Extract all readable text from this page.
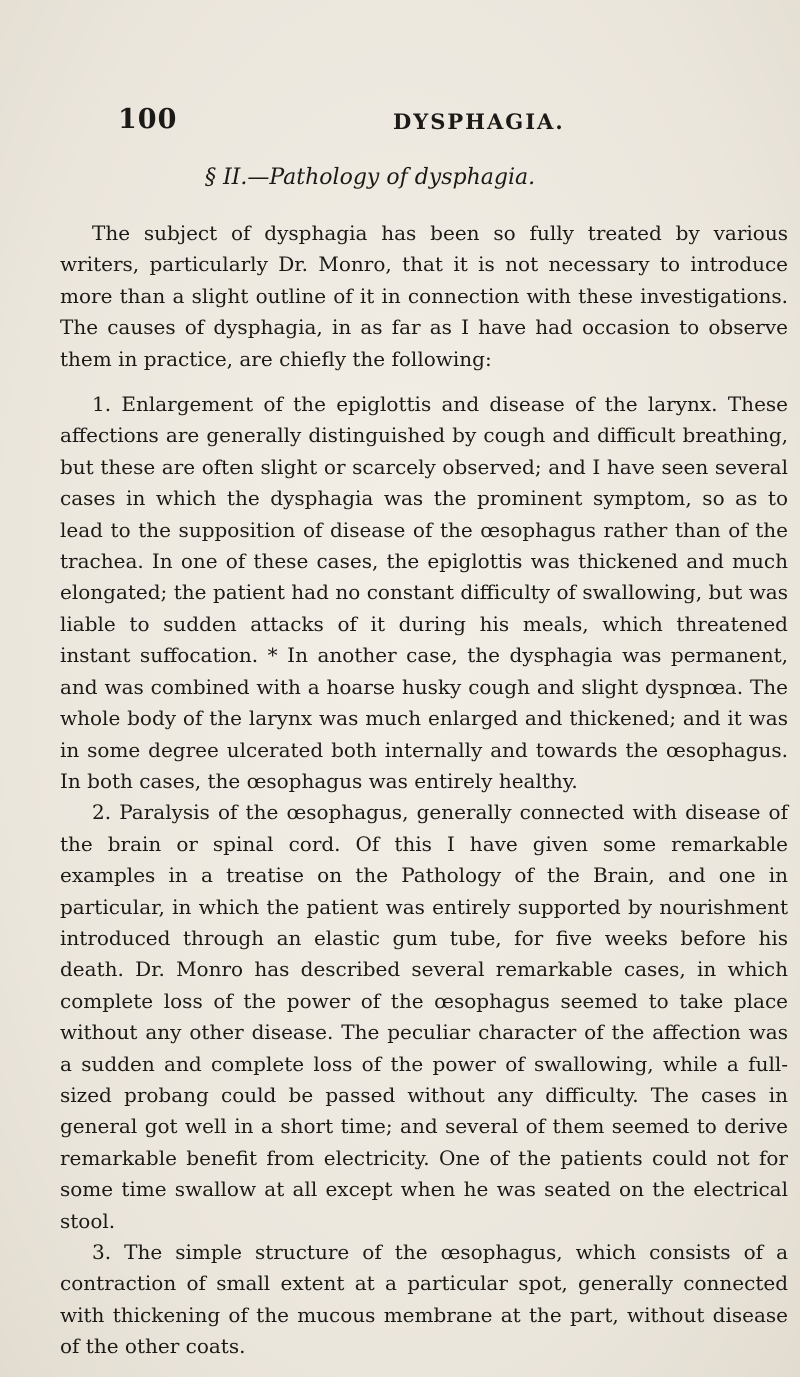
100	DYSPHAGIA.
§ II.—Pathology of dysphagia.

The subject of dysphagia has been so fully treated by various writers, particularly Dr. Monro, that it is not necessary to introduce more than a slight outline of it in connection with these investigations. The causes of dysphagia, in as far as I have had occasion to observe them in practice, are chiefly the following:

1. Enlargement of the epiglottis and disease of the larynx. These affections are generally distinguished by cough and difficult breathing, but these are often slight or scarcely observed; and I have seen several cases in which the dysphagia was the prominent symptom, so as to lead to the supposition of disease of the œsophagus rather than of the trachea. In one of these cases, the epiglottis was thickened and much elongated; the patient had no constant difficulty of swallowing, but was liable to sudden attacks of it during his meals, which threatened instant suffocation. * In another case, the dysphagia was permanent, and was combined with a hoarse husky cough and slight dyspnœa. The whole body of the larynx was much enlarged and thickened; and it was in some degree ulcerated both internally and towards the œsophagus. In both cases, the œsophagus was entirely healthy.

2. Paralysis of the œsophagus, generally connected with disease of the brain or spinal cord. Of this I have given some remarkable examples in a treatise on the Pathology of the Brain, and one in particular, in which the patient was entirely supported by nourishment introduced through an elastic gum tube, for five weeks before his death. Dr. Monro has described several remarkable cases, in which complete loss of the power of the œsophagus seemed to take place without any other disease. The peculiar character of the affection was a sudden and complete loss of the power of swallowing, while a full-sized probang could be passed without any difficulty. The cases in general got well in a short time; and several of them seemed to derive remarkable benefit from electricity. One of the patients could not for some time swallow at all except when he was seated on the electrical stool.

3. The simple structure of the œsophagus, which consists of a contraction of small extent at a particular spot, generally connected with thickening of the mucous membrane at the part, without disease of the other coats.
